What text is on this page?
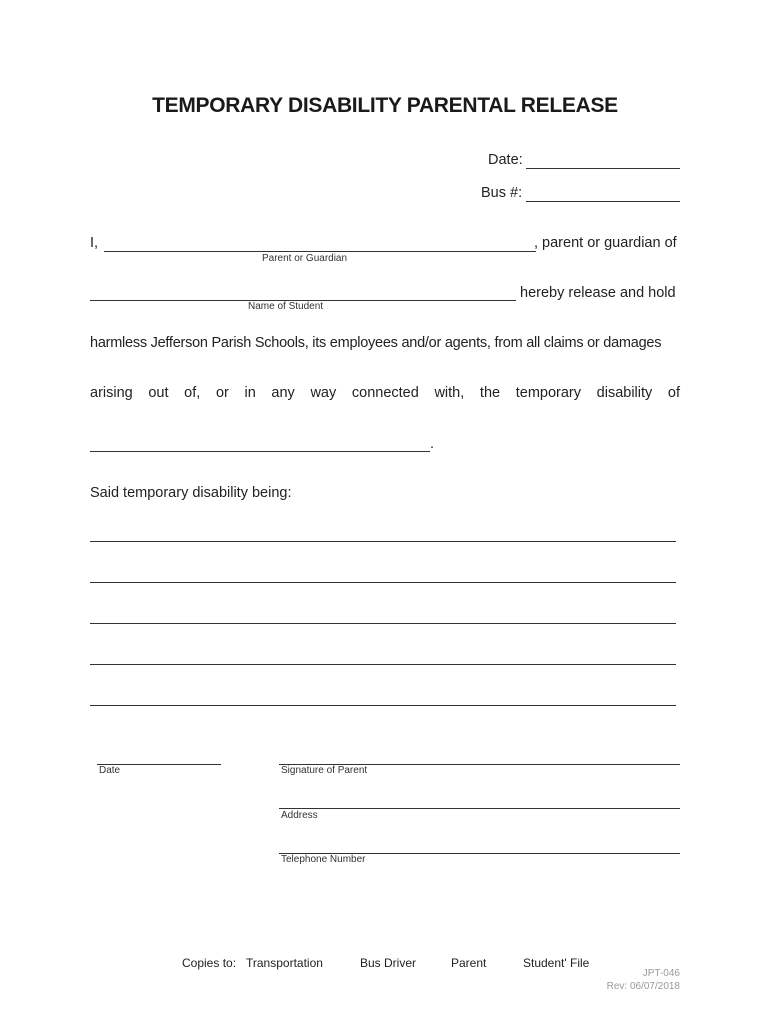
TEMPORARY DISABILITY PARENTAL RELEASE
Date:
Bus #:
I,	, parent or guardian of
Parent or Guardian
hereby release and hold
Name of Student
harmless Jefferson Parish Schools, its employees and/or agents, from all claims or damages
arising out of, or in any way connected with, the temporary disability of
.
Said temporary disability being:
Date	Signature of Parent
Address
Telephone Number
Copies to: Transportation	Bus Driver	Parent	Student' File
JPT-046
Rev: 06/07/2018
